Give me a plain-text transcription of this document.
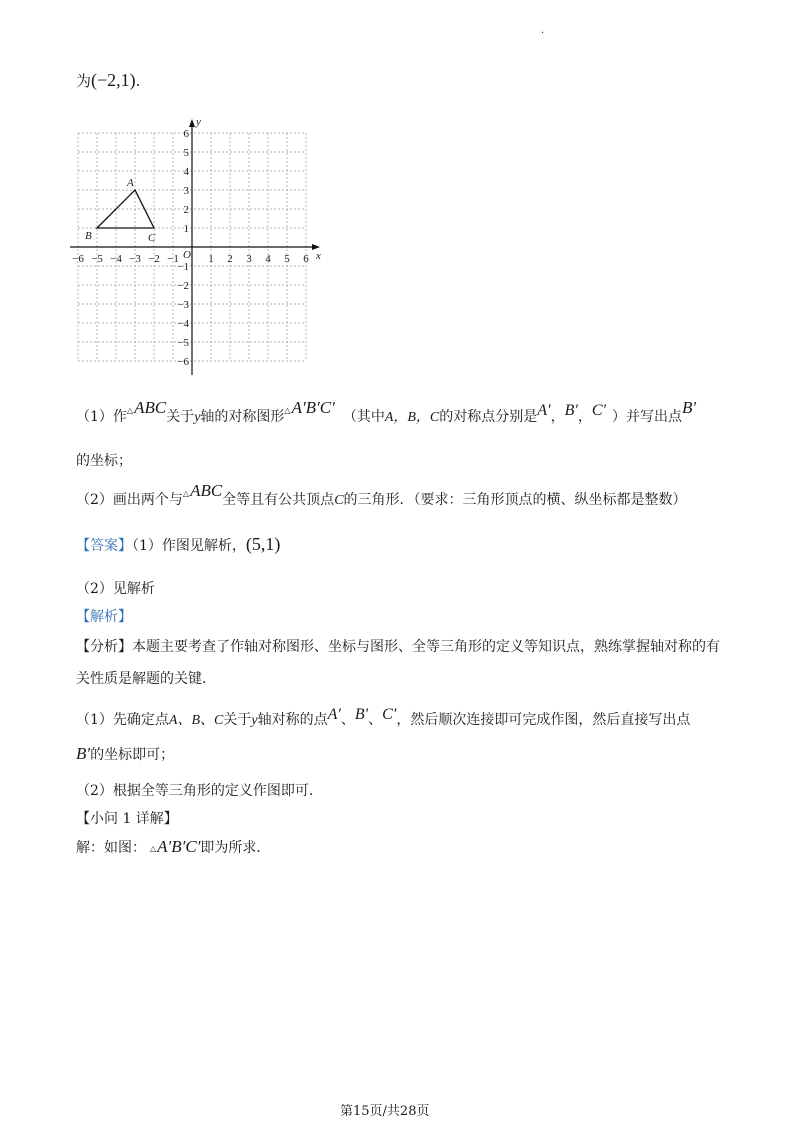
.
为(−2,1).
x
y
O
−6 −5 −4 −3 −2 −1	1 2 3 4 5 6
6
5
4
3
2
1
−1
−2
−3
−4
−5
−6
A
B	C
（1）作△ABC关于y轴的对称图形△A′B′C′ （其中A，B，C的对称点分别是A′，B′，C′ ）并写出点B′
的坐标；
（2）画出两个与△ABC全等且有公共顶点C的三角形．（要求：三角形顶点的横、纵坐标都是整数）
【答案】（1）作图见解析，(5,1)
（2）见解析
【解析】
【分析】本题主要考查了作轴对称图形、坐标与图形、全等三角形的定义等知识点，熟练掌握轴对称的有
关性质是解题的关键．
（1）先确定点A、B、C关于y轴对称的点A′、B′、C′，然后顺次连接即可完成作图，然后直接写出点
B′的坐标即可；
（2）根据全等三角形的定义作图即可．
【小问 1 详解】
解：如图： △A′B′C′即为所求．
第15页/共28页
